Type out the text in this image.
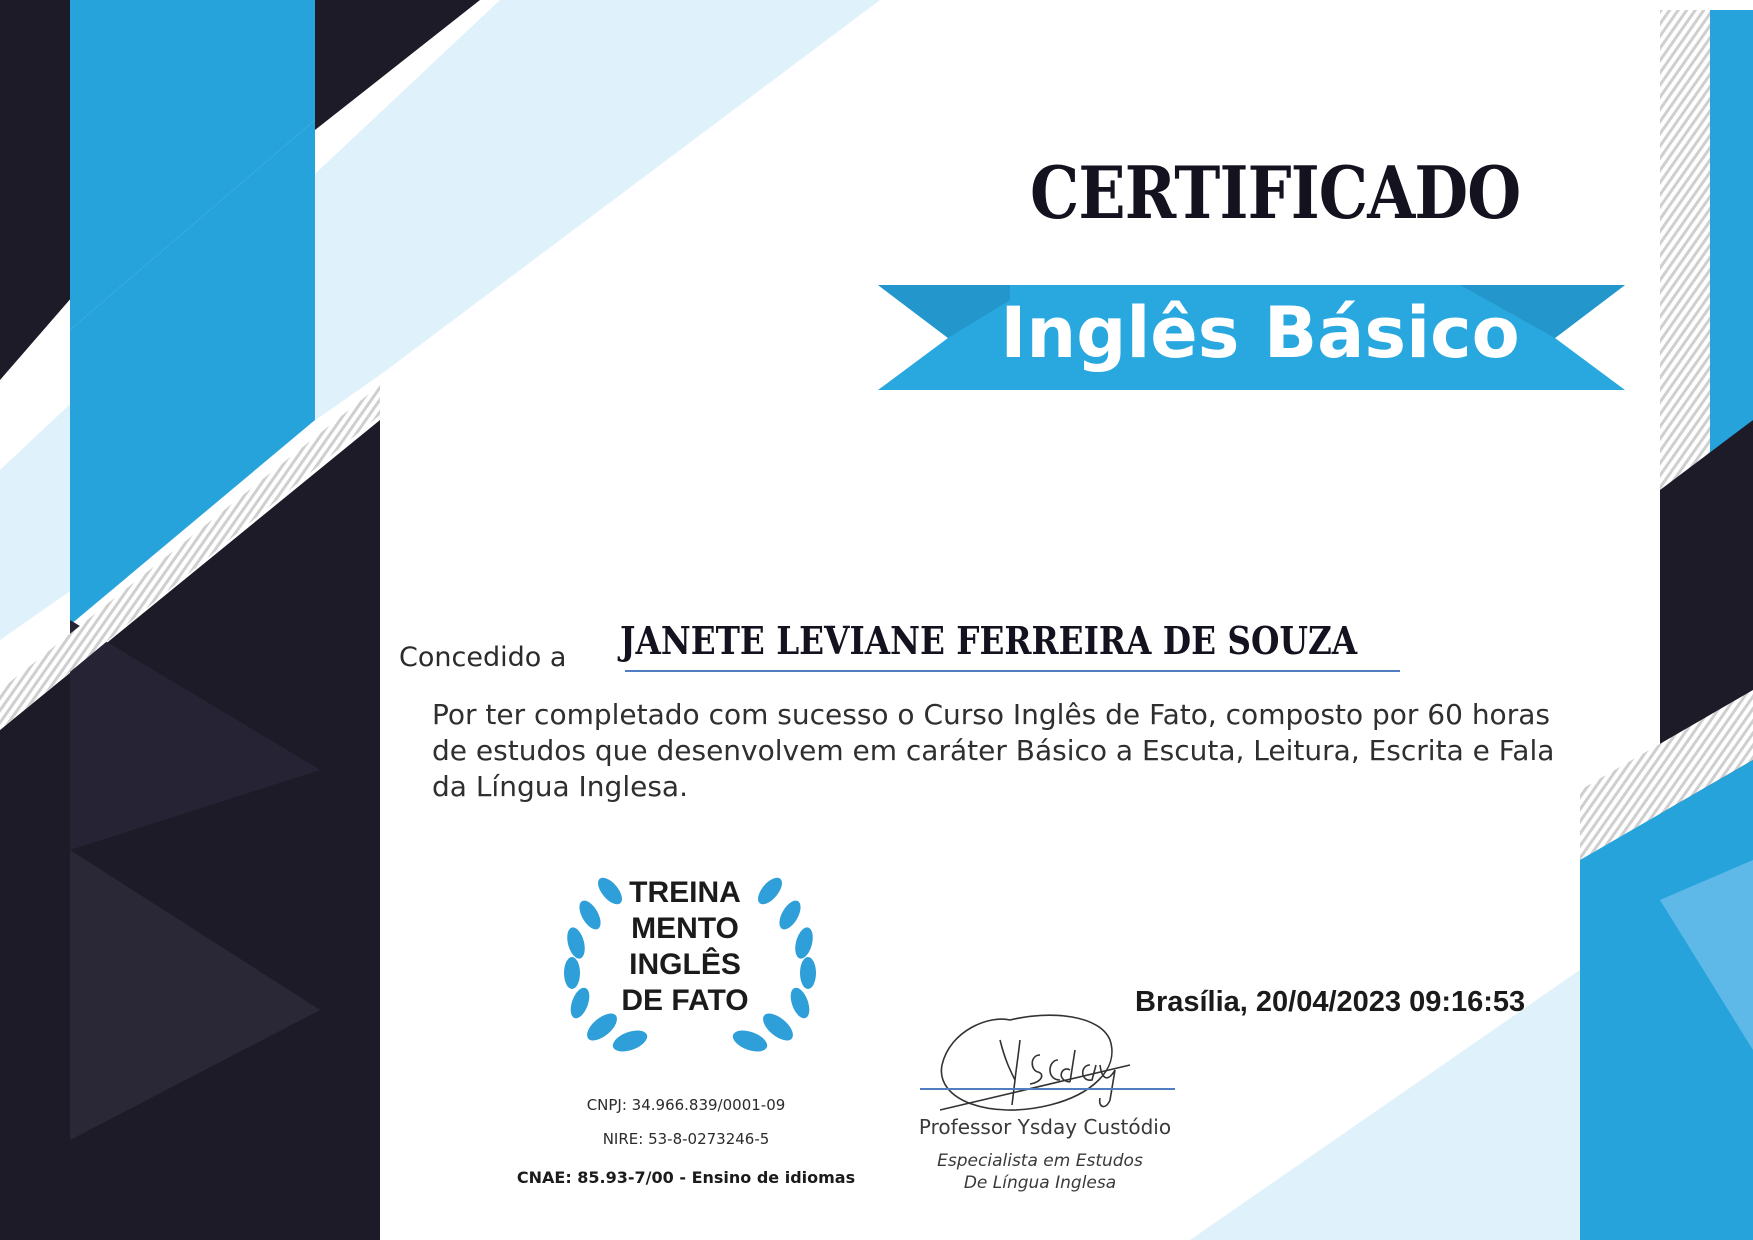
CERTIFICADO
Inglês Básico
Concedido a JANETE LEVIANE FERREIRA DE SOUZA
Por ter completado com sucesso o Curso Inglês de Fato, composto por 60 horas de estudos que desenvolvem em caráter Básico a Escuta, Leitura, Escrita e Fala da Língua Inglesa.
TREINA
MENTO
INGLÊS
DE FATO
CNPJ: 34.966.839/0001-09
NIRE: 53-8-0273246-5
CNAE: 85.93-7/00 - Ensino de idiomas
Brasília, 20/04/2023 09:16:53
Professor Ysday Custódio
Especialista em Estudos
De Língua Inglesa
